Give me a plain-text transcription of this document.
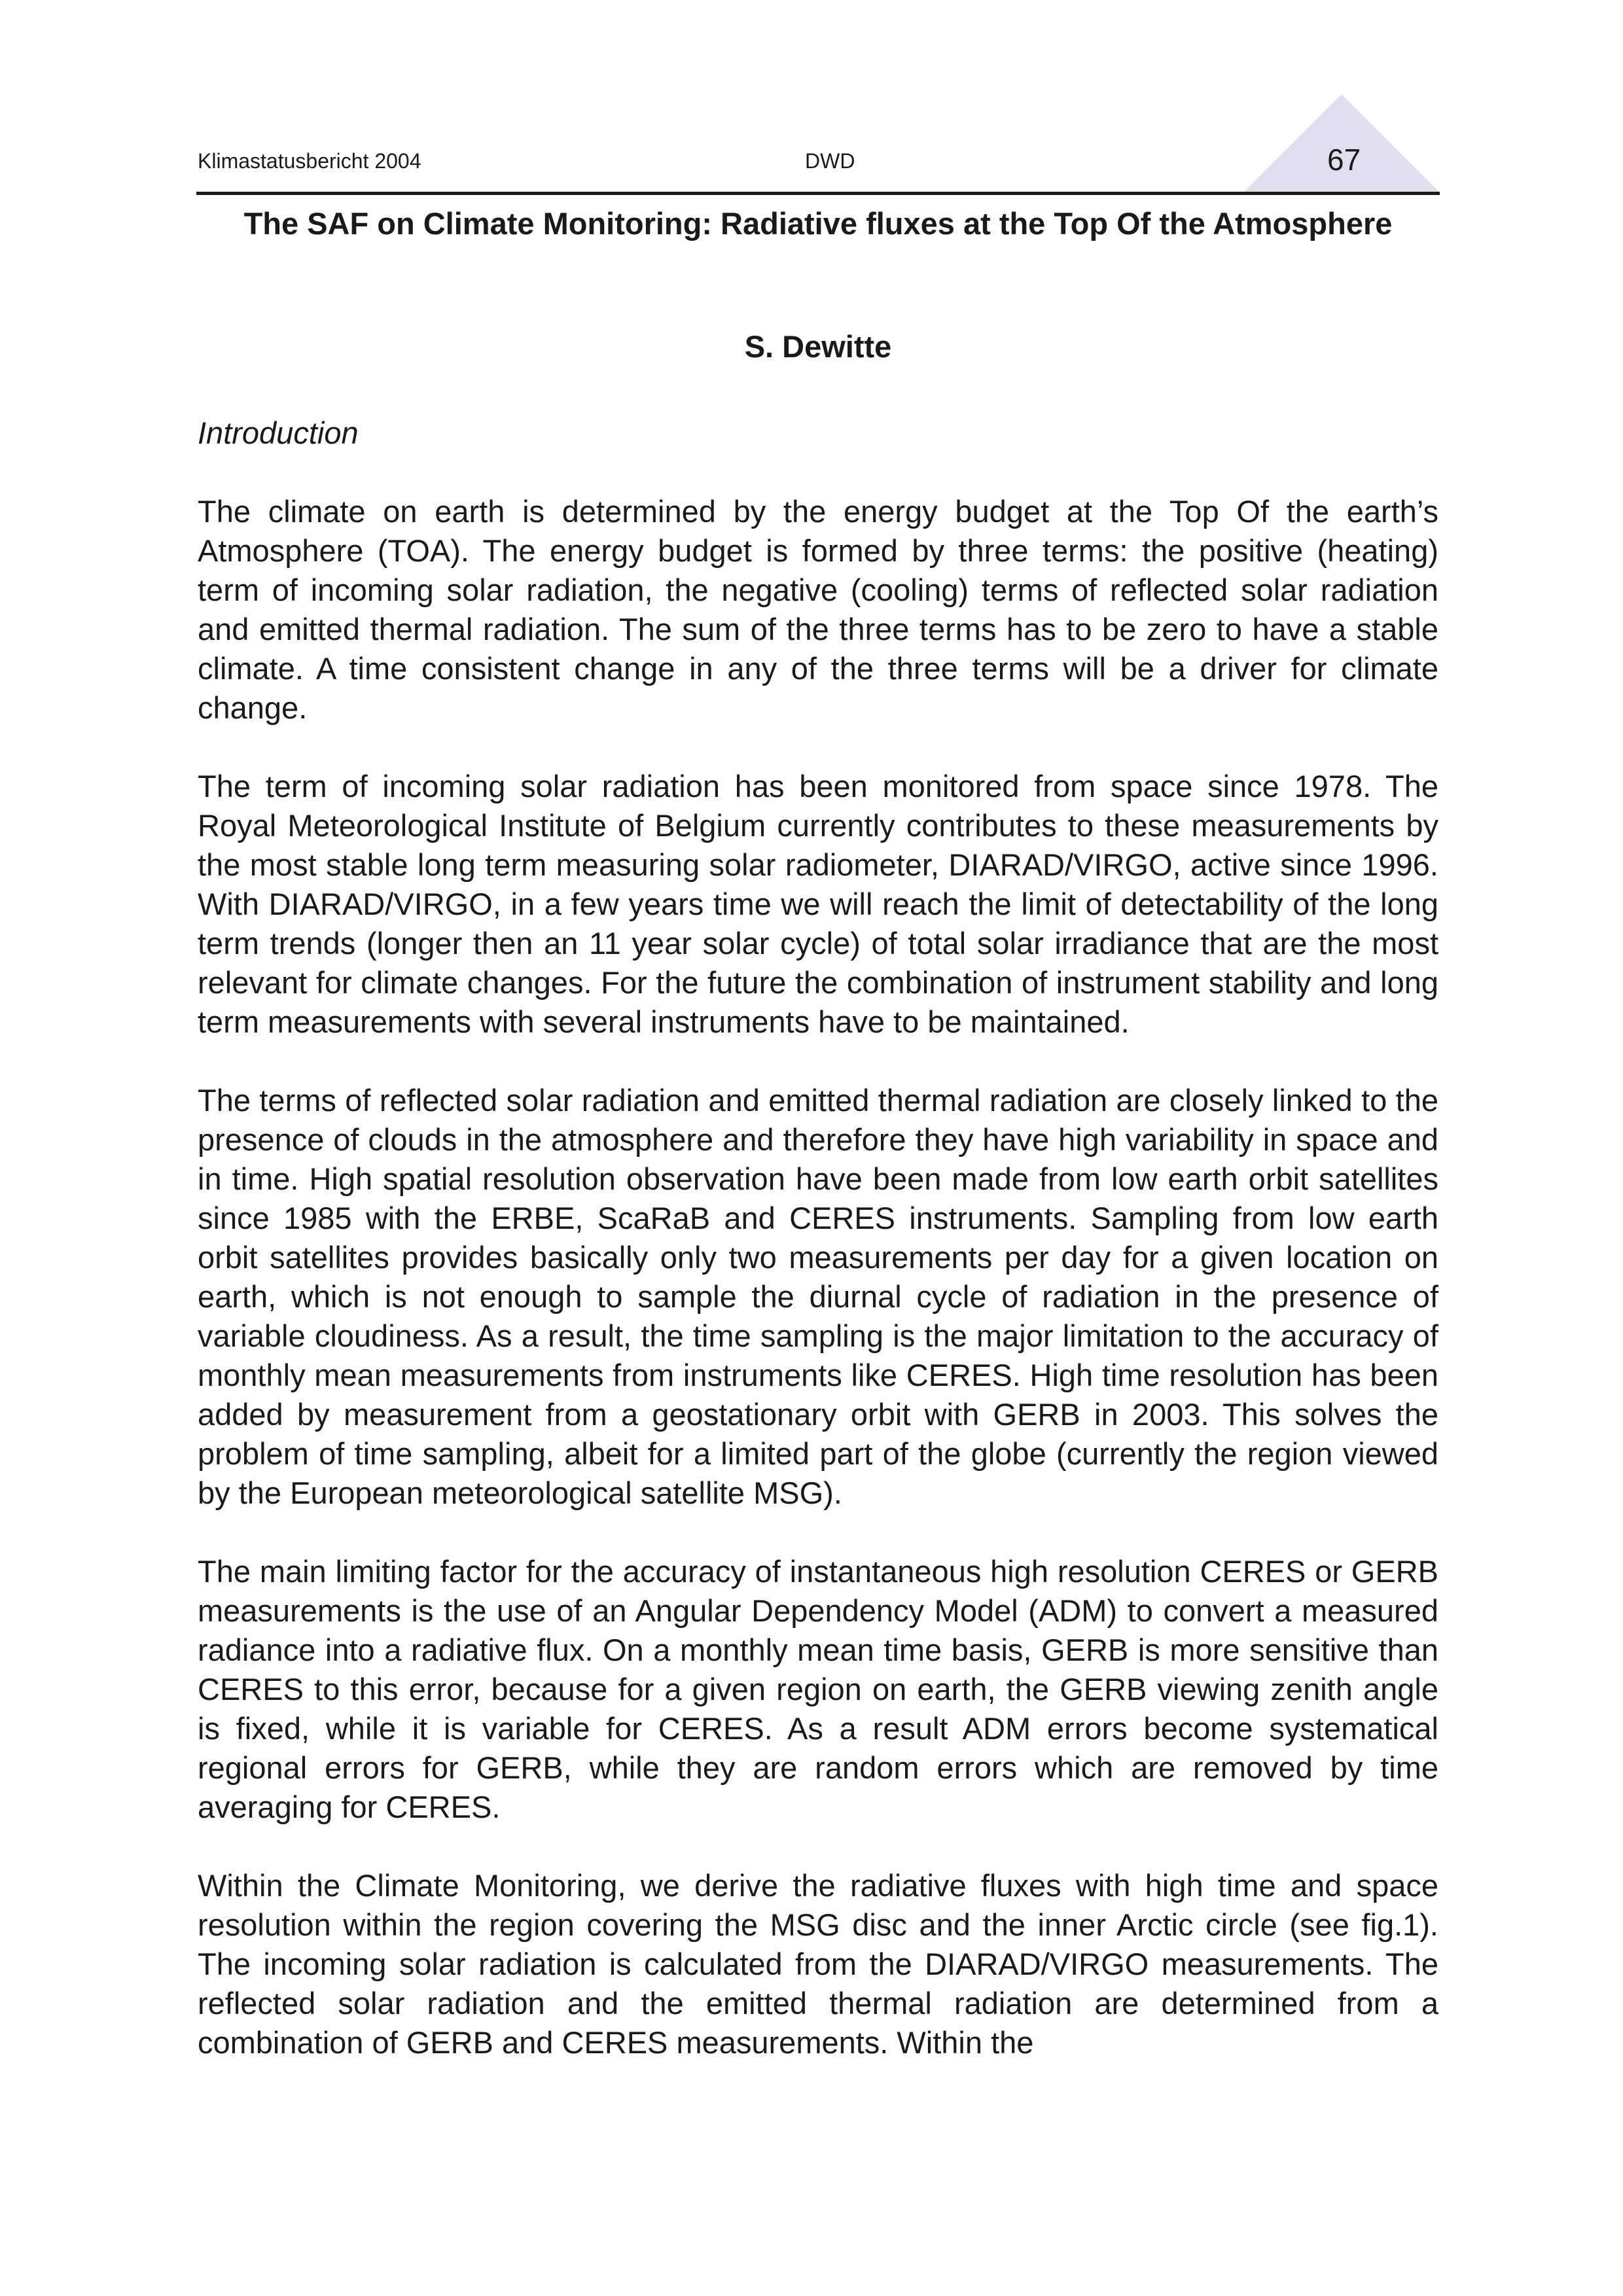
Klimastatusbericht 2004	DWD	67
The SAF on Climate Monitoring: Radiative fluxes at the Top Of the Atmosphere
S. Dewitte
Introduction

The climate on earth is determined by the energy budget at the Top Of the earth’s Atmosphere (TOA). The energy budget is formed by three terms: the positive (heating) term of incoming solar radiation, the negative (cooling) terms of reflected solar radiation and emitted thermal radiation. The sum of the three terms has to be zero to have a stable climate. A time consistent change in any of the three terms will be a driver for climate change.

The term of incoming solar radiation has been monitored from space since 1978. The Royal Meteorological Institute of Belgium currently contributes to these measurements by the most stable long term measuring solar radiometer, DIARAD/VIRGO, active since 1996. With DIARAD/VIRGO, in a few years time we will reach the limit of detectability of the long term trends (longer then an 11 year solar cycle) of total solar irradiance that are the most relevant for climate changes. For the future the combination of instrument stability and long term measurements with several instruments have to be maintained.

The terms of reflected solar radiation and emitted thermal radiation are closely linked to the presence of clouds in the atmosphere and therefore they have high variability in space and in time. High spatial resolution observation have been made from low earth orbit satellites since 1985 with the ERBE, ScaRaB and CERES instruments. Sampling from low earth orbit satellites provides basically only two measurements per day for a given location on earth, which is not enough to sample the diurnal cycle of radiation in the presence of variable cloudiness. As a result, the time sampling is the major limitation to the accuracy of monthly mean measurements from instruments like CERES. High time resolution has been added by measurement from a geostationary orbit with GERB in 2003. This solves the problem of time sampling, albeit for a limited part of the globe (currently the region viewed by the European meteorological satellite MSG).

The main limiting factor for the accuracy of instantaneous high resolution CERES or GERB measurements is the use of an Angular Dependency Model (ADM) to convert a measured radiance into a radiative flux. On a monthly mean time basis, GERB is more sensitive than CERES to this error, because for a given region on earth, the GERB viewing zenith angle is fixed, while it is variable for CERES. As a result ADM errors become systematical regional errors for GERB, while they are random errors which are removed by time averaging for CERES.

Within the Climate Monitoring, we derive the radiative fluxes with high time and space resolution within the region covering the MSG disc and the inner Arctic circle (see fig.1). The incoming solar radiation is calculated from the DIARAD/VIRGO measurements. The reflected solar radiation and the emitted thermal radiation are determined from a combination of GERB and CERES measurements. Within the
